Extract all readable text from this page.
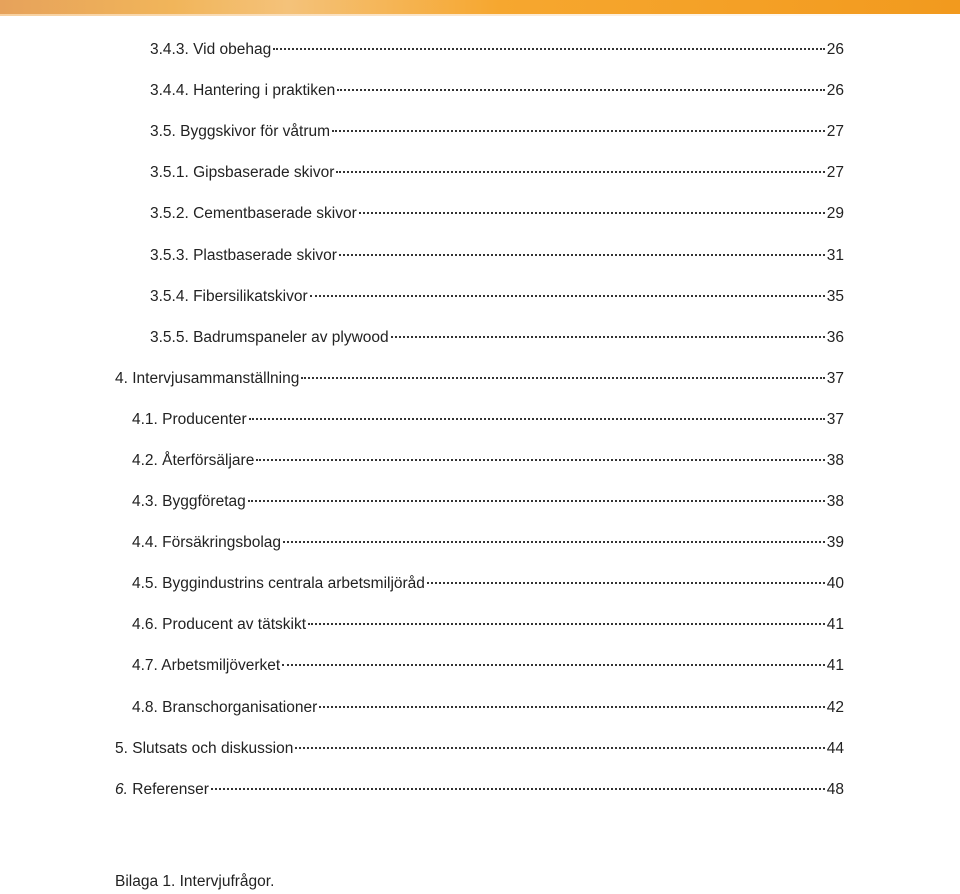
3.4.3. Vid obehag	26
3.4.4. Hantering i praktiken	26
3.5. Byggskivor för våtrum	27
3.5.1. Gipsbaserade skivor	27
3.5.2. Cementbaserade skivor	29
3.5.3. Plastbaserade skivor	31
3.5.4. Fibersilikatskivor	35
3.5.5. Badrumspaneler av plywood	36
4. Intervjusammanställning	37
4.1. Producenter	37
4.2. Återförsäljare	38
4.3. Byggföretag	38
4.4. Försäkringsbolag	39
4.5. Byggindustrins centrala arbetsmiljöråd	40
4.6. Producent av tätskikt	41
4.7. Arbetsmiljöverket	41
4.8. Branschorganisationer	42
5. Slutsats och diskussion	44
6. Referenser	48
Bilaga 1. Intervjufrågor.
